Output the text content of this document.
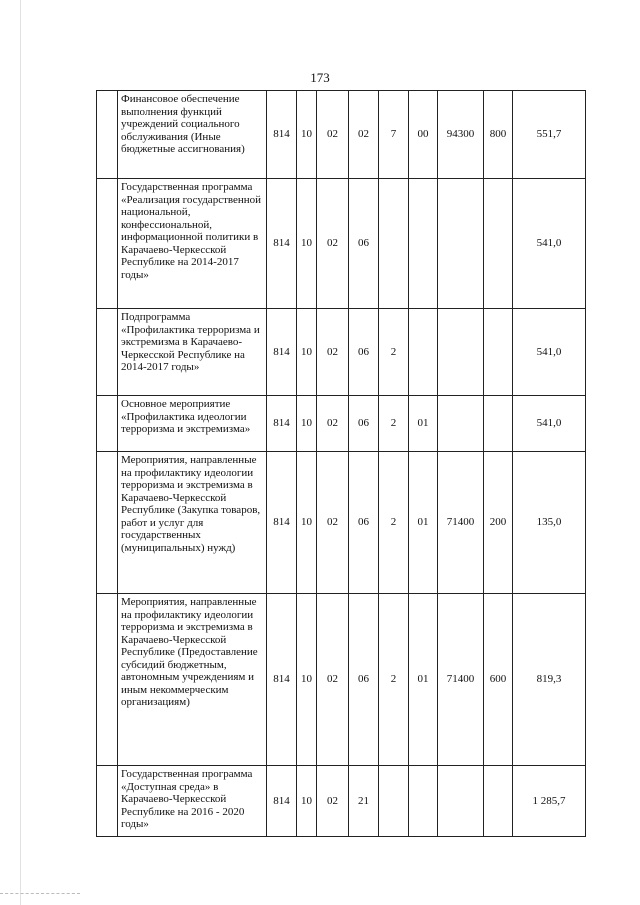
173
	Финансовое обеспечение выполнения функций учреждений социального обслуживания (Иные бюджетные ассигнования)	814	10	02	02	7	00	94300	800	551,7
	Государственная программа «Реализация государственной национальной, конфессиональной, информационной политики в Карачаево-Черкесской Республике на 2014-2017 годы»	814	10	02	06					541,0
	Подпрограмма «Профилактика терроризма и экстремизма в Карачаево-Черкесской Республике на 2014-2017 годы»	814	10	02	06	2				541,0
	Основное мероприятие «Профилактика идеологии терроризма и экстремизма»	814	10	02	06	2	01			541,0
	Мероприятия, направленные на профилактику идеологии терроризма и экстремизма в Карачаево-Черкесской Республике (Закупка товаров, работ и услуг для государственных (муниципальных) нужд)	814	10	02	06	2	01	71400	200	135,0
	Мероприятия, направленные на профилактику идеологии терроризма и экстремизма в Карачаево-Черкесской Республике (Предоставление субсидий бюджетным, автономным учреждениям и иным некоммерческим организациям)	814	10	02	06	2	01	71400	600	819,3
	Государственная программа «Доступная среда» в Карачаево-Черкесской Республике на 2016 - 2020 годы»	814	10	02	21					1 285,7
